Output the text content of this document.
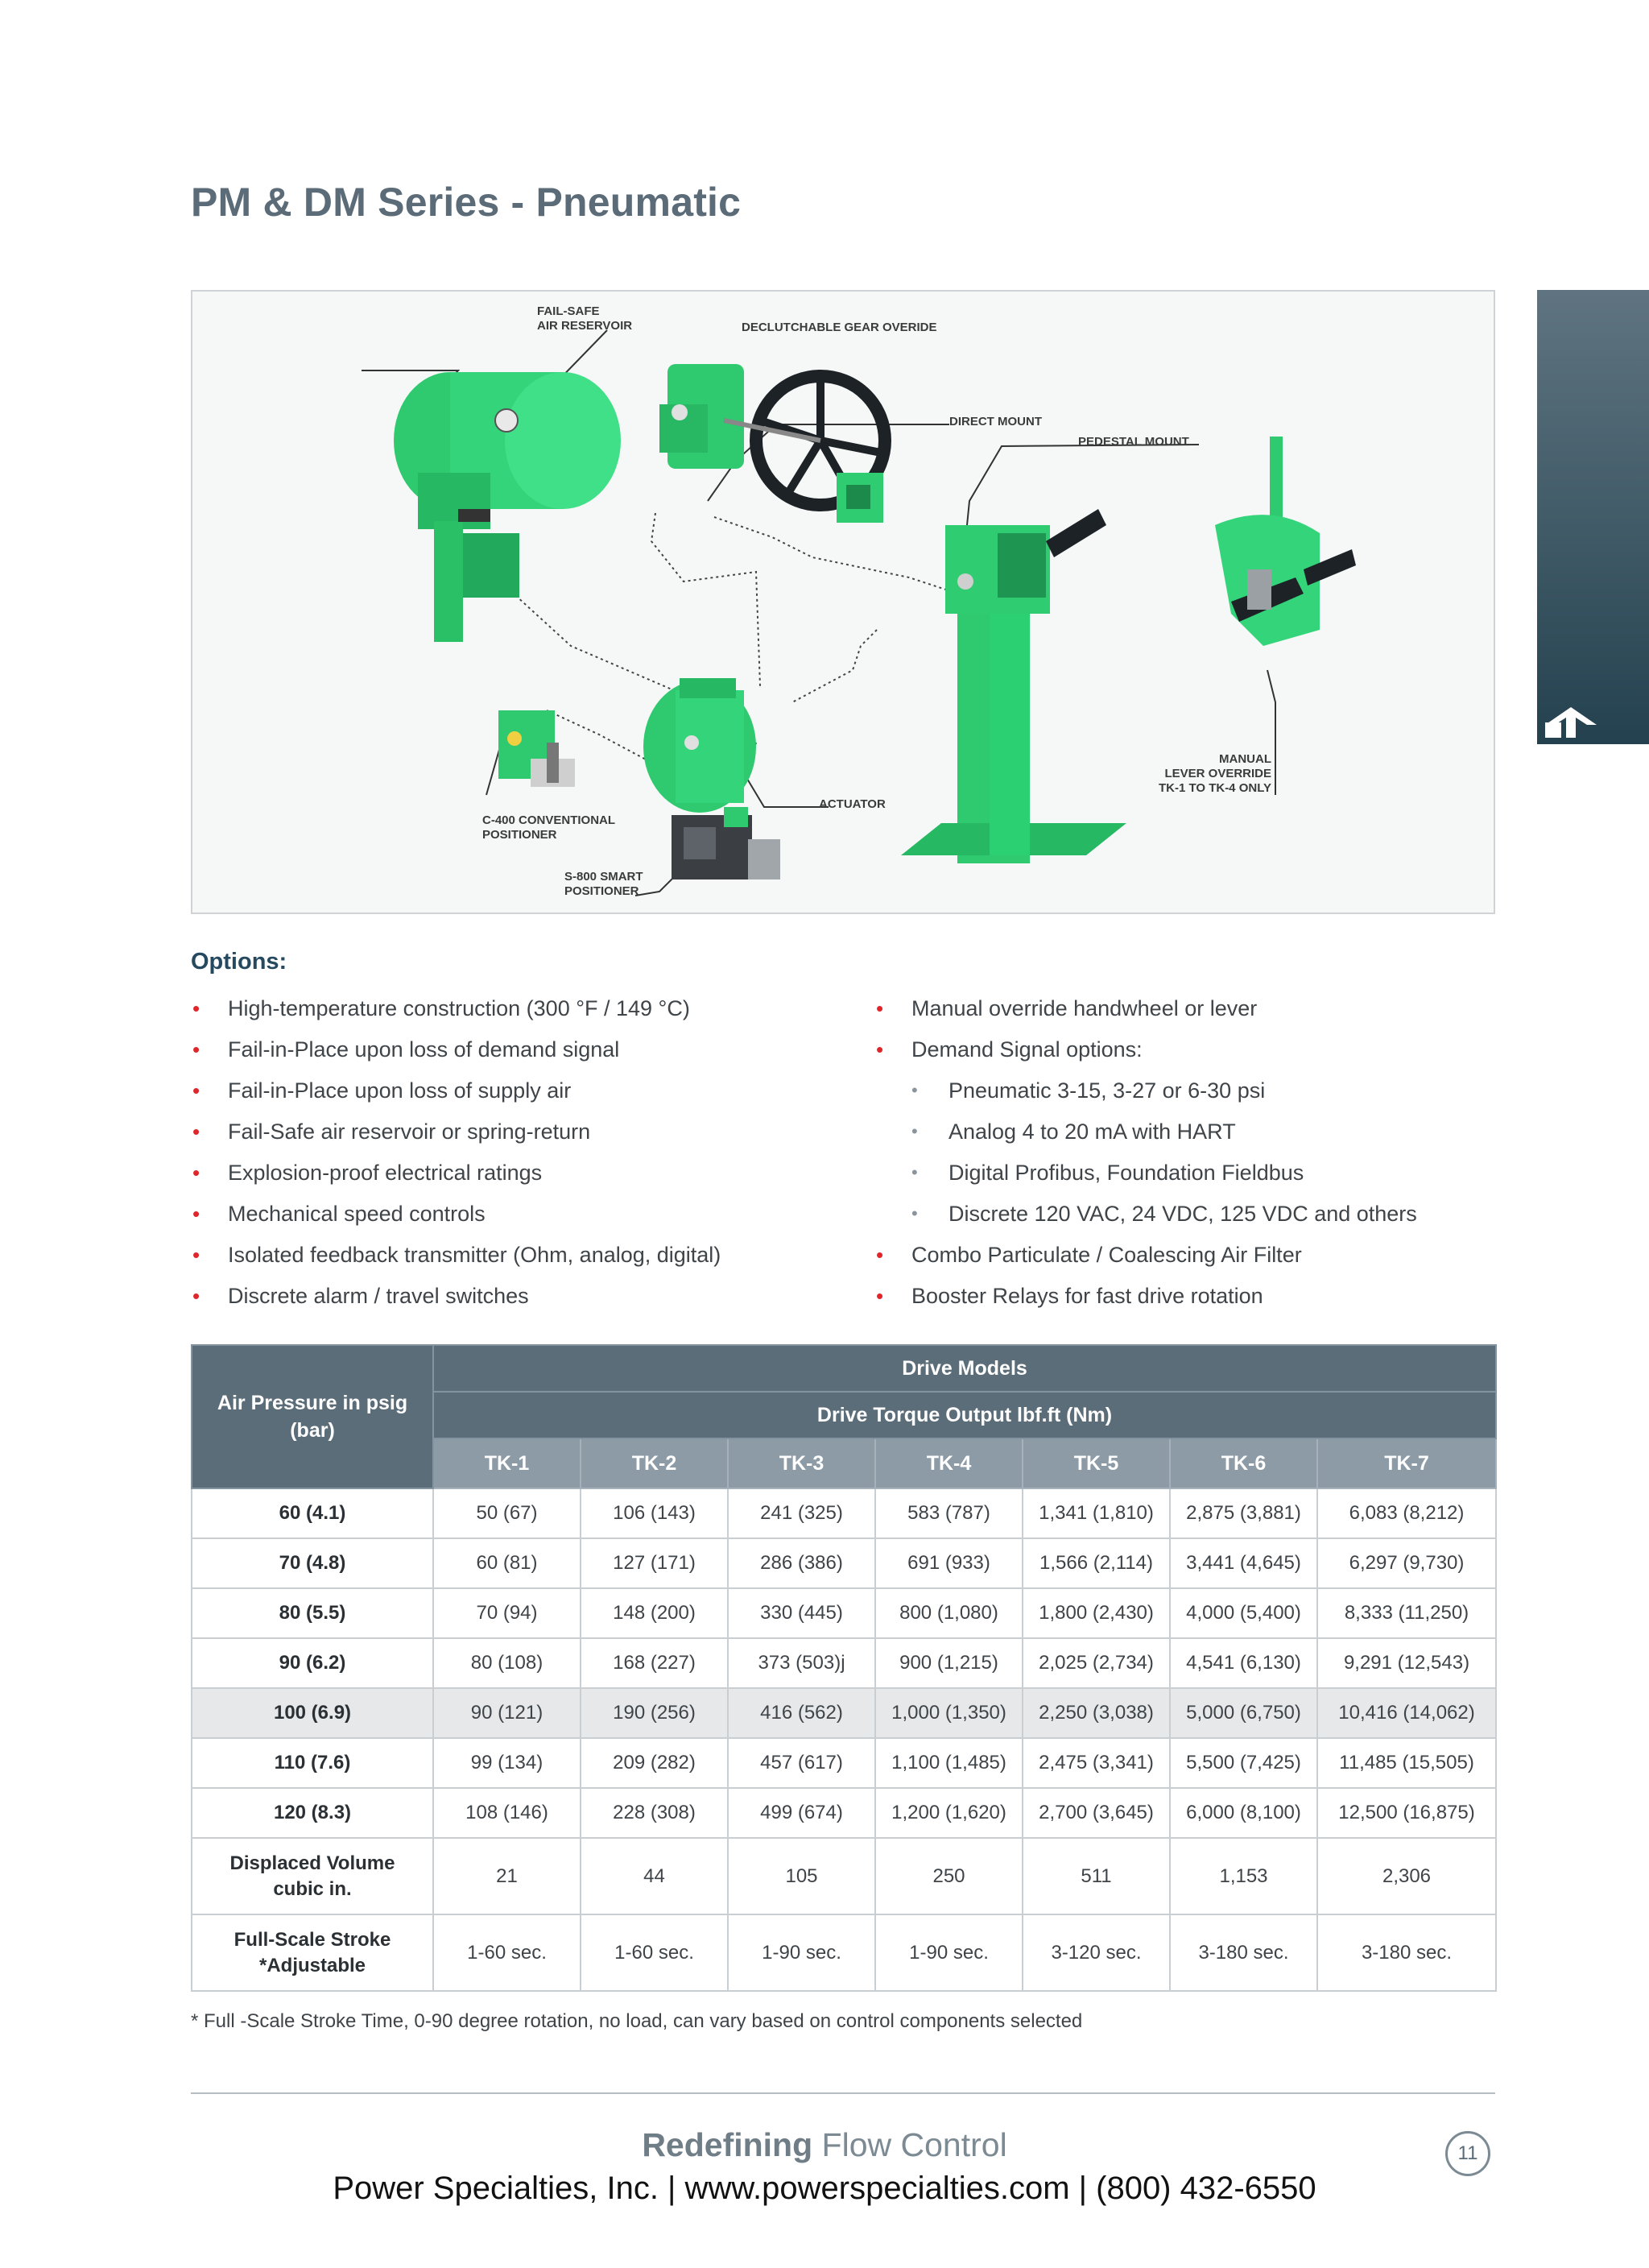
PM & DM Series - Pneumatic
FAIL-SAFE
AIR RESERVOIR	DECLUTCHABLE GEAR OVERIDE
DIRECT MOUNT
PEDESTAL MOUNT
MANUAL
LEVER OVERRIDE
TK-1 TO TK-4 ONLY
ACTUATOR
C-400 CONVENTIONAL
POSITIONER
S-800 SMART
POSITIONER
Options:
• High-temperature construction (300 °F / 149 °C)
• Fail-in-Place upon loss of demand signal
• Fail-in-Place upon loss of supply air
• Fail-Safe air reservoir or spring-return
• Explosion-proof electrical ratings
• Mechanical speed controls
• Isolated feedback transmitter (Ohm, analog, digital)
• Discrete alarm / travel switches
• Manual override handwheel or lever
• Demand Signal options:
• Pneumatic 3-15, 3-27 or 6-30 psi
• Analog 4 to 20 mA with HART
• Digital Profibus, Foundation Fieldbus
• Discrete 120 VAC, 24 VDC, 125 VDC and others
• Combo Particulate / Coalescing Air Filter
• Booster Relays for fast drive rotation
Air Pressure in psig
(bar)	Drive Models						
	Drive Torque Output lbf.ft (Nm)						
	TK-1	TK-2	TK-3	TK-4	TK-5	TK-6	TK-7

60 (4.1)	50 (67)	106 (143)	241 (325)	583 (787)	1,341 (1,810)	2,875 (3,881)	6,083 (8,212)

70 (4.8)	60 (81)	127 (171)	286 (386)	691 (933)	1,566 (2,114)	3,441 (4,645)	6,297 (9,730)

80 (5.5)	70 (94)	148 (200)	330 (445)	800 (1,080)	1,800 (2,430)	4,000 (5,400)	8,333 (11,250)

90 (6.2)	80 (108)	168 (227)	373 (503)j	900 (1,215)	2,025 (2,734)	4,541 (6,130)	9,291 (12,543)

100 (6.9)	90 (121)	190 (256)	416 (562)	1,000 (1,350)	2,250 (3,038)	5,000 (6,750)	10,416 (14,062)

110 (7.6)	99 (134)	209 (282)	457 (617)	1,100 (1,485)	2,475 (3,341)	5,500 (7,425)	11,485 (15,505)

120 (8.3)	108 (146)	228 (308)	499 (674)	1,200 (1,620)	2,700 (3,645)	6,000 (8,100)	12,500 (16,875)

Displaced Volume
cubic in.	21	44	105	250	511	1,153	2,306

Full-Scale Stroke
*Adjustable	1-60 sec.	1-60 sec.	1-90 sec.	1-90 sec.	3-120 sec.	3-180 sec.	3-180 sec.
* Full -Scale Stroke Time, 0-90 degree rotation, no load, can vary based on control components selected
Redefining Flow Control
Power Specialties, Inc. | www.powerspecialties.com | (800) 432-6550
11
